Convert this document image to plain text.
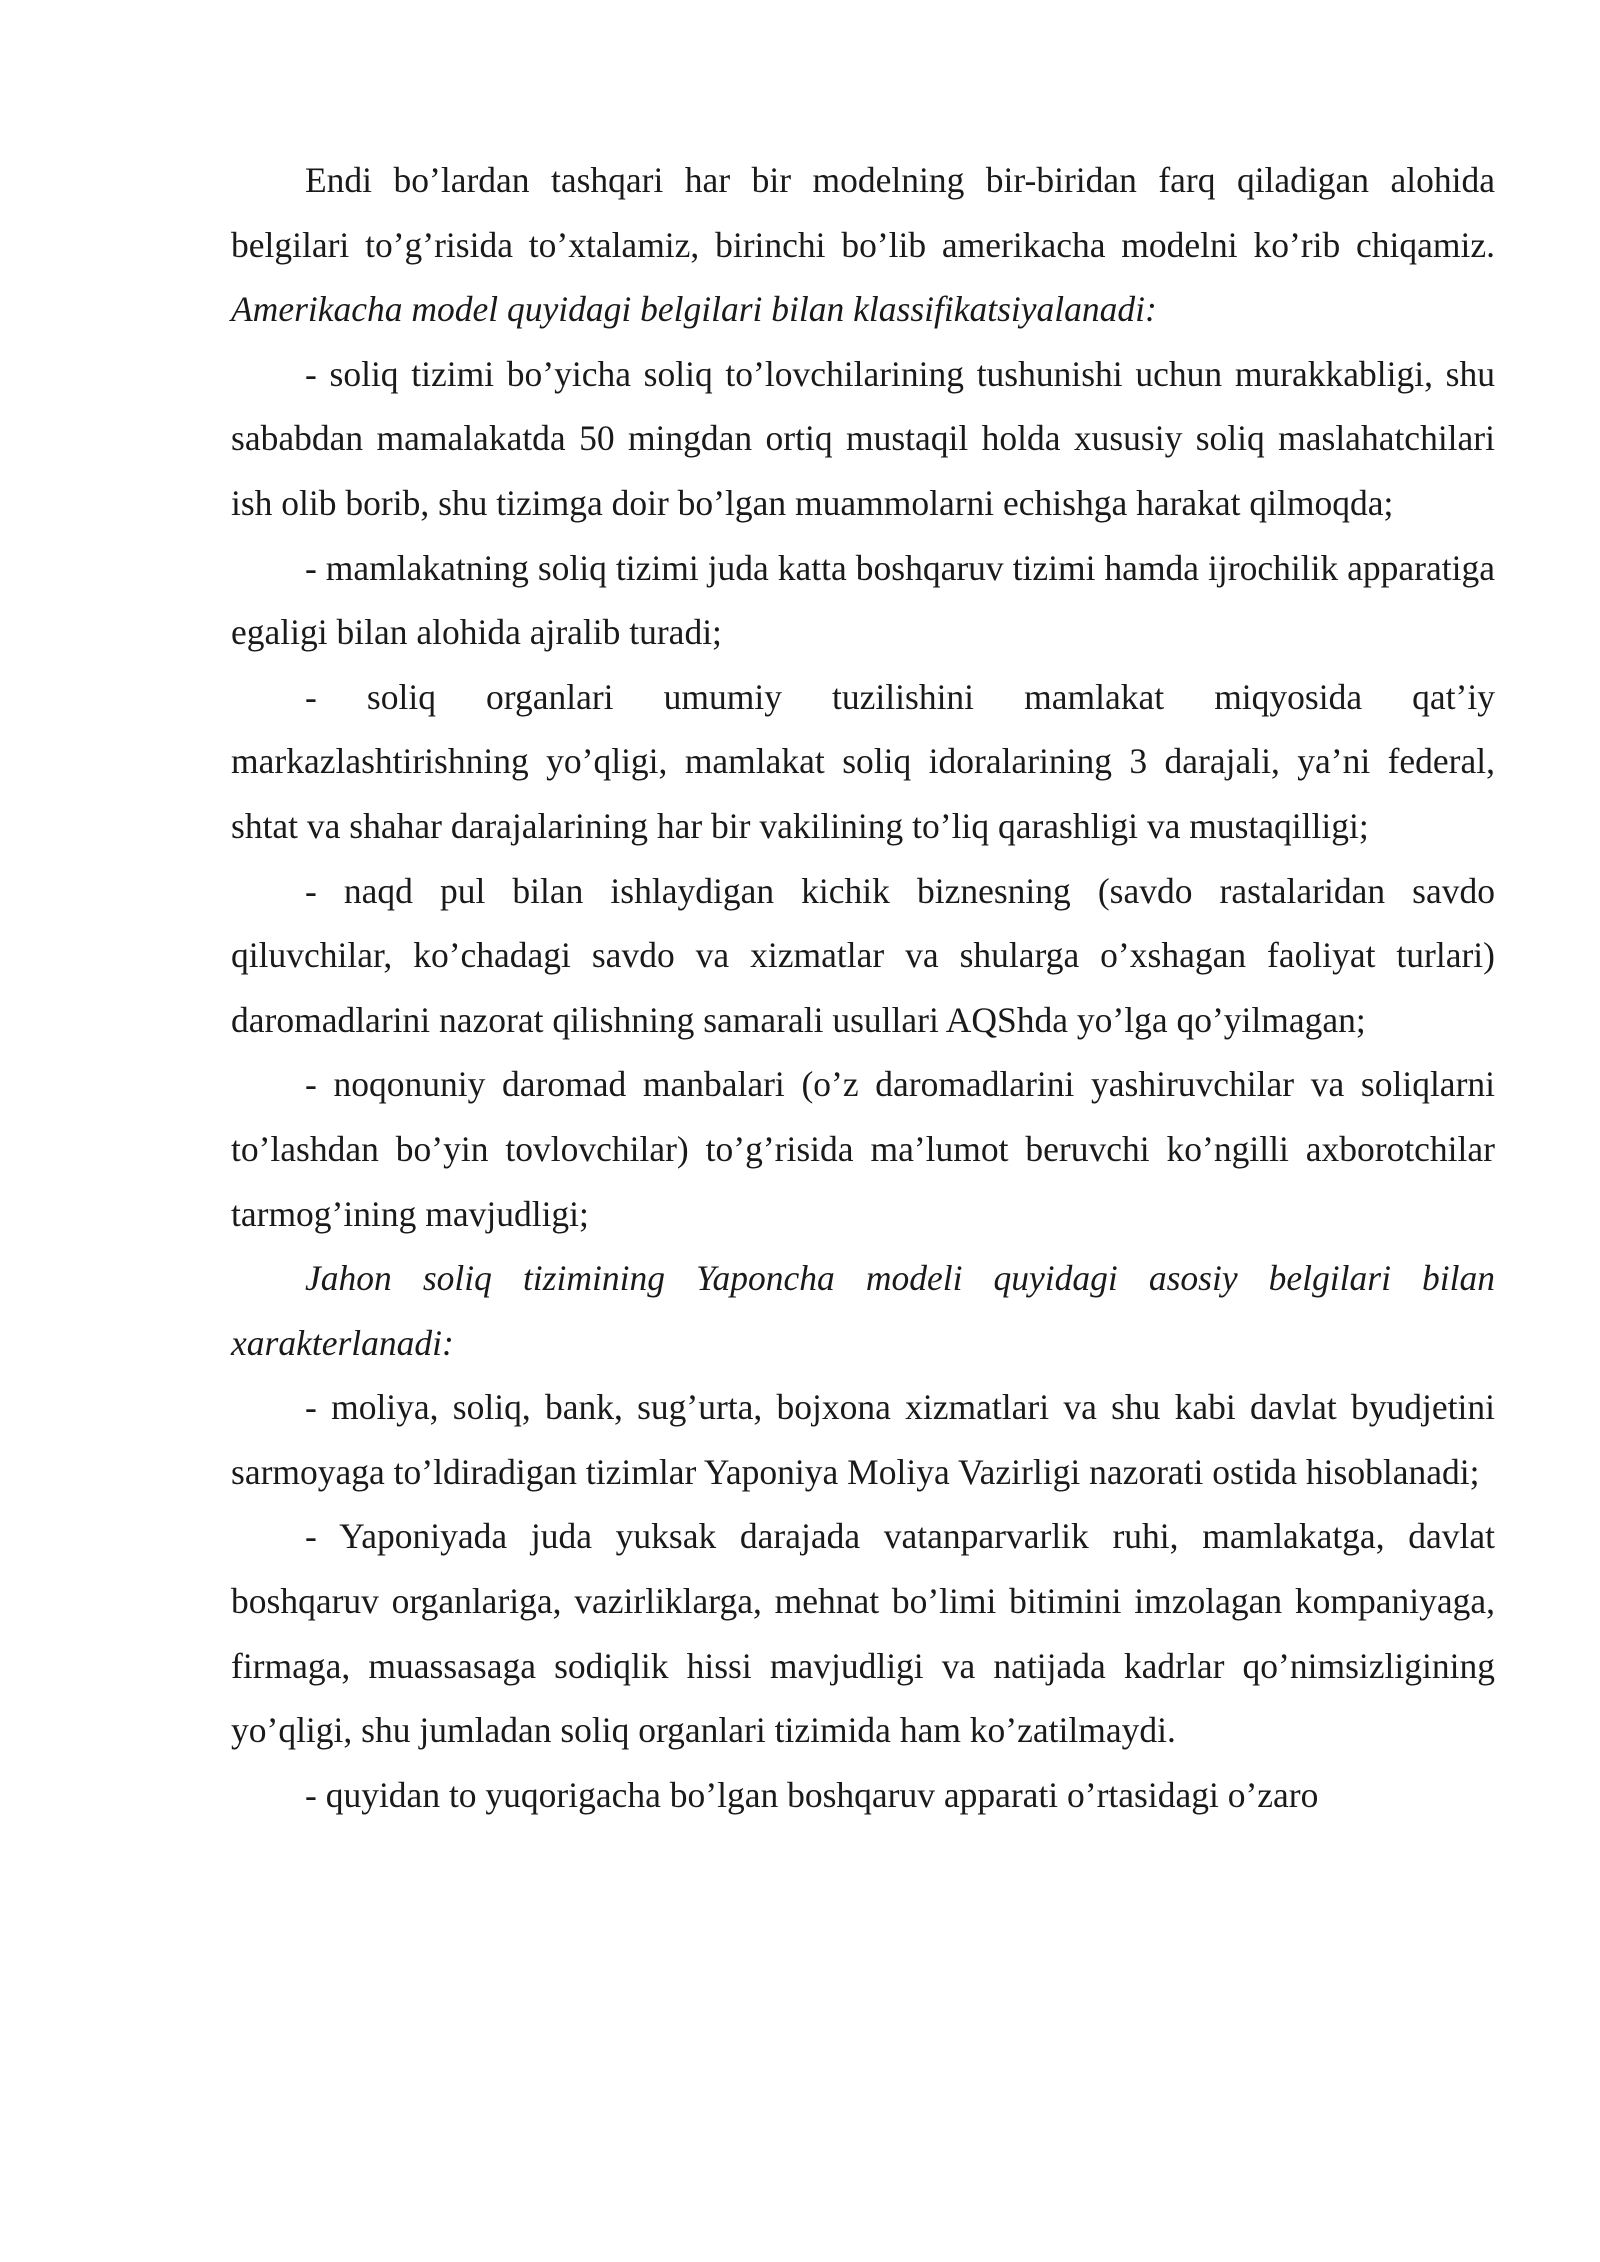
Endi bo’lardan tashqari har bir modelning bir-biridan farq qiladigan alohida belgilari to’g’risida to’xtalamiz, birinchi bo’lib amerikacha modelni ko’rib chiqamiz. Amerikacha model quyidagi belgilari bilan klassifikatsiyalanadi:

- soliq tizimi bo’yicha soliq to’lovchilarining tushunishi uchun murakkabligi, shu sababdan mamalakatda 50 mingdan ortiq mustaqil holda xususiy soliq maslahatchilari ish olib borib, shu tizimga doir bo’lgan muammolarni echishga harakat qilmoqda;

- mamlakatning soliq tizimi juda katta boshqaruv tizimi hamda ijrochilik apparatiga egaligi bilan alohida ajralib turadi;

- soliq organlari umumiy tuzilishini mamlakat miqyosida qat’iy markazlashtirishning yo’qligi, mamlakat soliq idoralarining 3 darajali, ya’ni federal, shtat va shahar darajalarining har bir vakilining to’liq qarashligi va mustaqilligi;

- naqd pul bilan ishlaydigan kichik biznesning (savdo rastalaridan savdo qiluvchilar, ko’chadagi savdo va xizmatlar va shularga o’xshagan faoliyat turlari) daromadlarini nazorat qilishning samarali usullari AQShda yo’lga qo’yilmagan;

- noqonuniy daromad manbalari (o’z daromadlarini yashiruvchilar va soliqlarni to’lashdan bo’yin tovlovchilar) to’g’risida ma’lumot beruvchi ko’ngilli axborotchilar tarmog’ining mavjudligi;

Jahon soliq tizimining Yaponcha modeli quyidagi asosiy belgilari bilan xarakterlanadi:

- moliya, soliq, bank, sug’urta, bojxona xizmatlari va shu kabi davlat byudjetini sarmoyaga to’ldiradigan tizimlar Yaponiya Moliya Vazirligi nazorati ostida hisoblanadi;

- Yaponiyada juda yuksak darajada vatanparvarlik ruhi, mamlakatga, davlat boshqaruv organlariga, vazirliklarga, mehnat bo’limi bitimini imzolagan kompaniyaga, firmaga, muassasaga sodiqlik hissi mavjudligi va natijada kadrlar qo’nimsizligining yo’qligi, shu jumladan soliq organlari tizimida ham ko’zatilmaydi.

- quyidan to yuqorigacha bo’lgan boshqaruv apparati o’rtasidagi o’zaro
